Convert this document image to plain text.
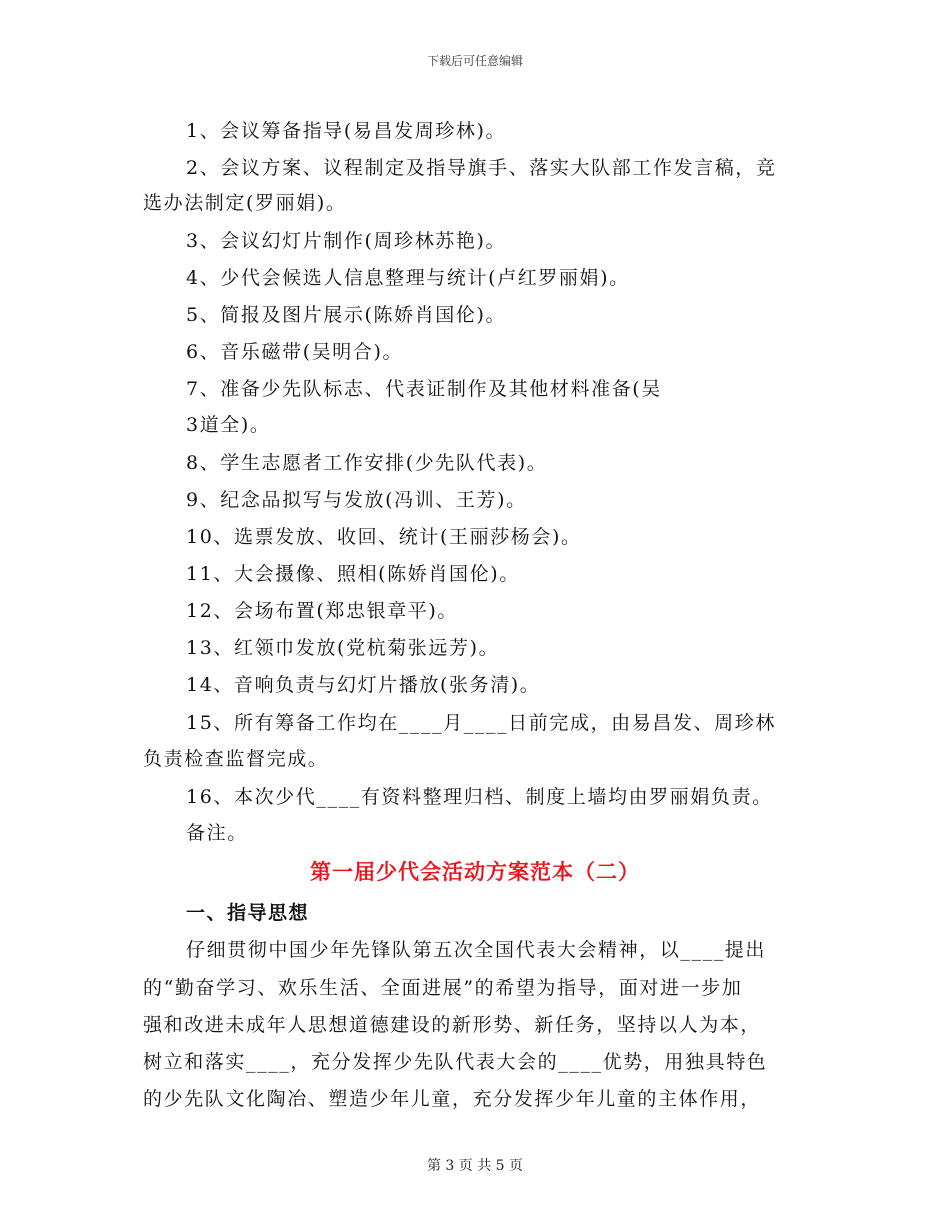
下载后可任意编辑
1、会议筹备指导(易昌发周珍林)。
2、会议方案、议程制定及指导旗手、落实大队部工作发言稿，竞
选办法制定(罗丽娟)。
3、会议幻灯片制作(周珍林苏艳)。
4、少代会候选人信息整理与统计(卢红罗丽娟)。
5、简报及图片展示(陈娇肖国伦)。
6、音乐磁带(吴明合)。
7、准备少先队标志、代表证制作及其他材料准备(吴
3道全)。
8、学生志愿者工作安排(少先队代表)。
9、纪念品拟写与发放(冯训、王芳)。
10、选票发放、收回、统计(王丽莎杨会)。
11、大会摄像、照相(陈娇肖国伦)。
12、会场布置(郑忠银章平)。
13、红领巾发放(党杭菊张远芳)。
14、音响负责与幻灯片播放(张务清)。
15、所有筹备工作均在____月____日前完成，由易昌发、周珍林
负责检查监督完成。
16、本次少代____有资料整理归档、制度上墙均由罗丽娟负责。
备注。
第一届少代会活动方案范本（二）
一、指导思想
仔细贯彻中国少年先锋队第五次全国代表大会精神，以____提出
的“勤奋学习、欢乐生活、全面进展”的希望为指导，面对进一步加
强和改进未成年人思想道德建设的新形势、新任务，坚持以人为本，
树立和落实____，充分发挥少先队代表大会的____优势，用独具特色
的少先队文化陶冶、塑造少年儿童，充分发挥少年儿童的主体作用，
第 3 页 共 5 页
